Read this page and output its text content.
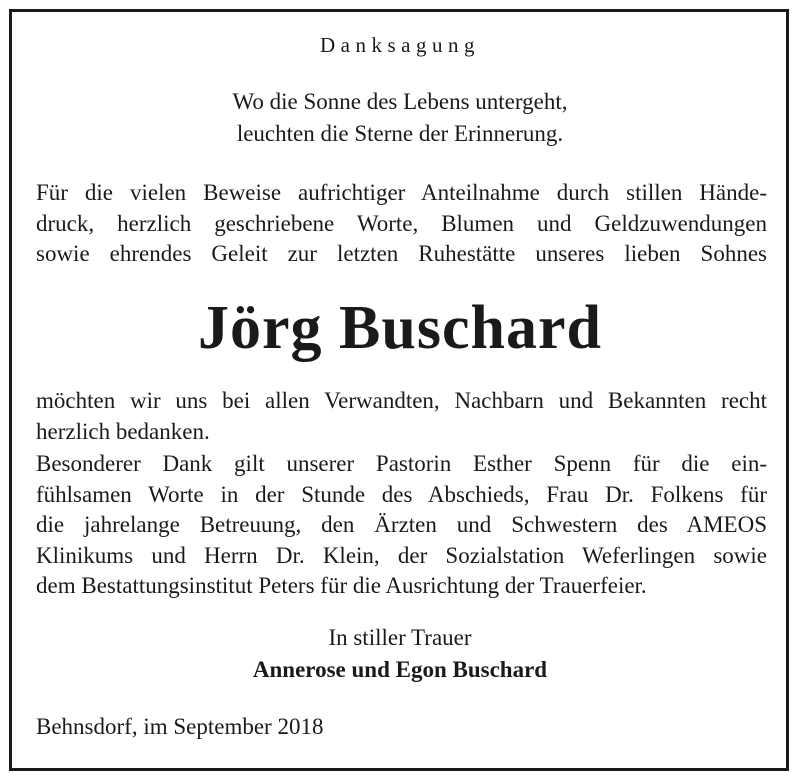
Danksagung
Wo die Sonne des Lebens untergeht,
leuchten die Sterne der Erinnerung.
Für die vielen Beweise aufrichtiger Anteilnahme durch stillen Hände-
druck, herzlich geschriebene Worte, Blumen und Geldzuwendungen
sowie ehrendes Geleit zur letzten Ruhestätte unseres lieben Sohnes
Jörg Buschard
möchten wir uns bei allen Verwandten, Nachbarn und Bekannten recht
herzlich bedanken.
Besonderer Dank gilt unserer Pastorin Esther Spenn für die ein-
fühlsamen Worte in der Stunde des Abschieds, Frau Dr. Folkens für
die jahrelange Betreuung, den Ärzten und Schwestern des AMEOS
Klinikums und Herrn Dr. Klein, der Sozialstation Weferlingen sowie
dem Bestattungsinstitut Peters für die Ausrichtung der Trauerfeier.
In stiller Trauer
Annerose und Egon Buschard
Behnsdorf, im September 2018
